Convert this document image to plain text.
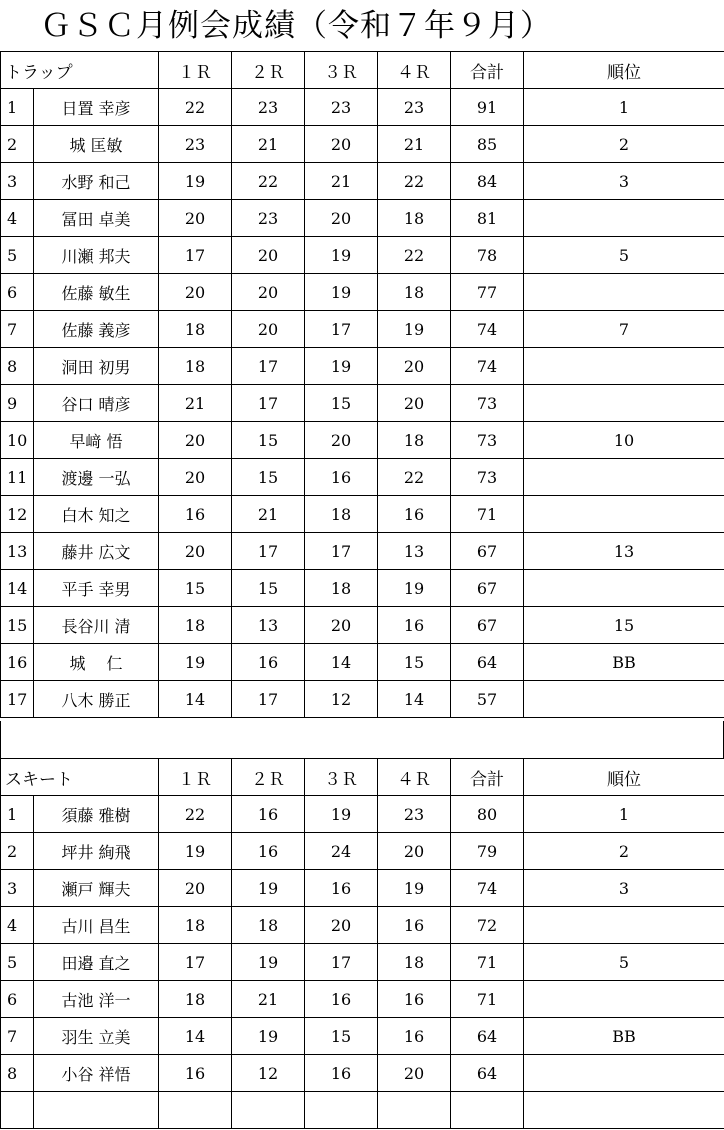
ＧＳＣ月例会成績（令和７年９月）
トラップ		１Ｒ	２Ｒ	３Ｒ	４Ｒ	合計	順位
1	日置 幸彦	22	23	23	23	91	1
2	城 匡敏	23	21	20	21	85	2
3	水野 和己	19	22	21	22	84	3
4	冨田 卓美	20	23	20	18	81	
5	川瀬 邦夫	17	20	19	22	78	5
6	佐藤 敏生	20	20	19	18	77	
7	佐藤 義彦	18	20	17	19	74	7
8	洞田 初男	18	17	19	20	74	
9	谷口 晴彦	21	17	15	20	73	
10	早﨑 悟	20	15	20	18	73	10
11	渡邊 一弘	20	15	16	22	73	
12	白木 知之	16	21	18	16	71	
13	藤井 広文	20	17	17	13	67	13
14	平手 幸男	15	15	18	19	67	
15	長谷川 清	18	13	20	16	67	15
16	城　 仁	19	16	14	15	64	BB
17	八木 勝正	14	17	12	14	57	
スキート		１Ｒ	２Ｒ	３Ｒ	４Ｒ	合計	順位
1	須藤 雅樹	22	16	19	23	80	1
2	坪井 絢飛	19	16	24	20	79	2
3	瀬戸 輝夫	20	19	16	19	74	3
4	古川 昌生	18	18	20	16	72	
5	田邉 直之	17	19	17	18	71	5
6	古池 洋一	18	21	16	16	71	
7	羽生 立美	14	19	15	16	64	BB
8	小谷 祥悟	16	12	16	20	64	
